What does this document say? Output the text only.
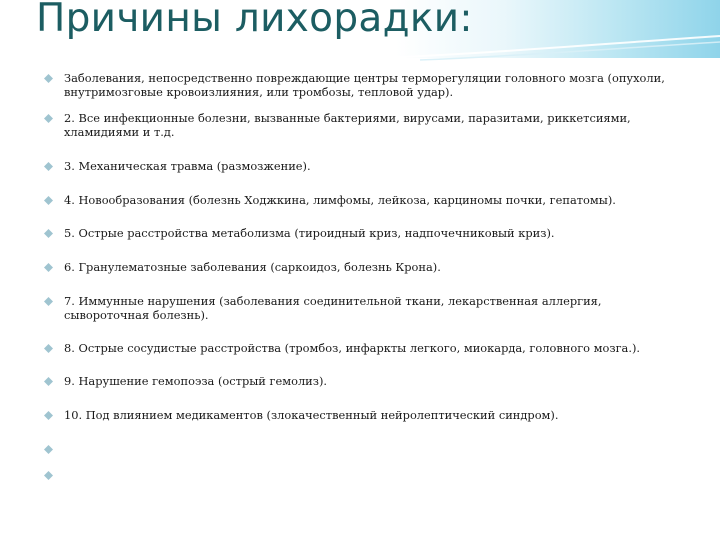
Причины лихорадки:
Заболевания, непосредственно повреждающие центры терморегуляции головного мозга (опухоли, внутримозговые кровоизлияния, или тромбозы, тепловой удар).
2. Все инфекционные болезни, вызванные бактериями, вирусами, паразитами, риккетсиями, хламидиями и т.д.
3. Механическая травма (размозжение).
4. Новообразования (болезнь Ходжкина, лимфомы, лейкоза, карциномы почки, гепатомы).
5. Острые расстройства метаболизма (тироидный криз, надпочечниковый криз).
6. Гранулематозные заболевания (саркоидоз, болезнь Крона).
7. Иммунные нарушения (заболевания соединительной ткани, лекарственная аллергия, сывороточная болезнь).
8. Острые сосудистые расстройства (тромбоз, инфаркты легкого, миокарда, головного мозга.).
9. Нарушение гемопоэза (острый гемолиз).
10. Под влиянием медикаментов (злокачественный нейролептический синдром).
